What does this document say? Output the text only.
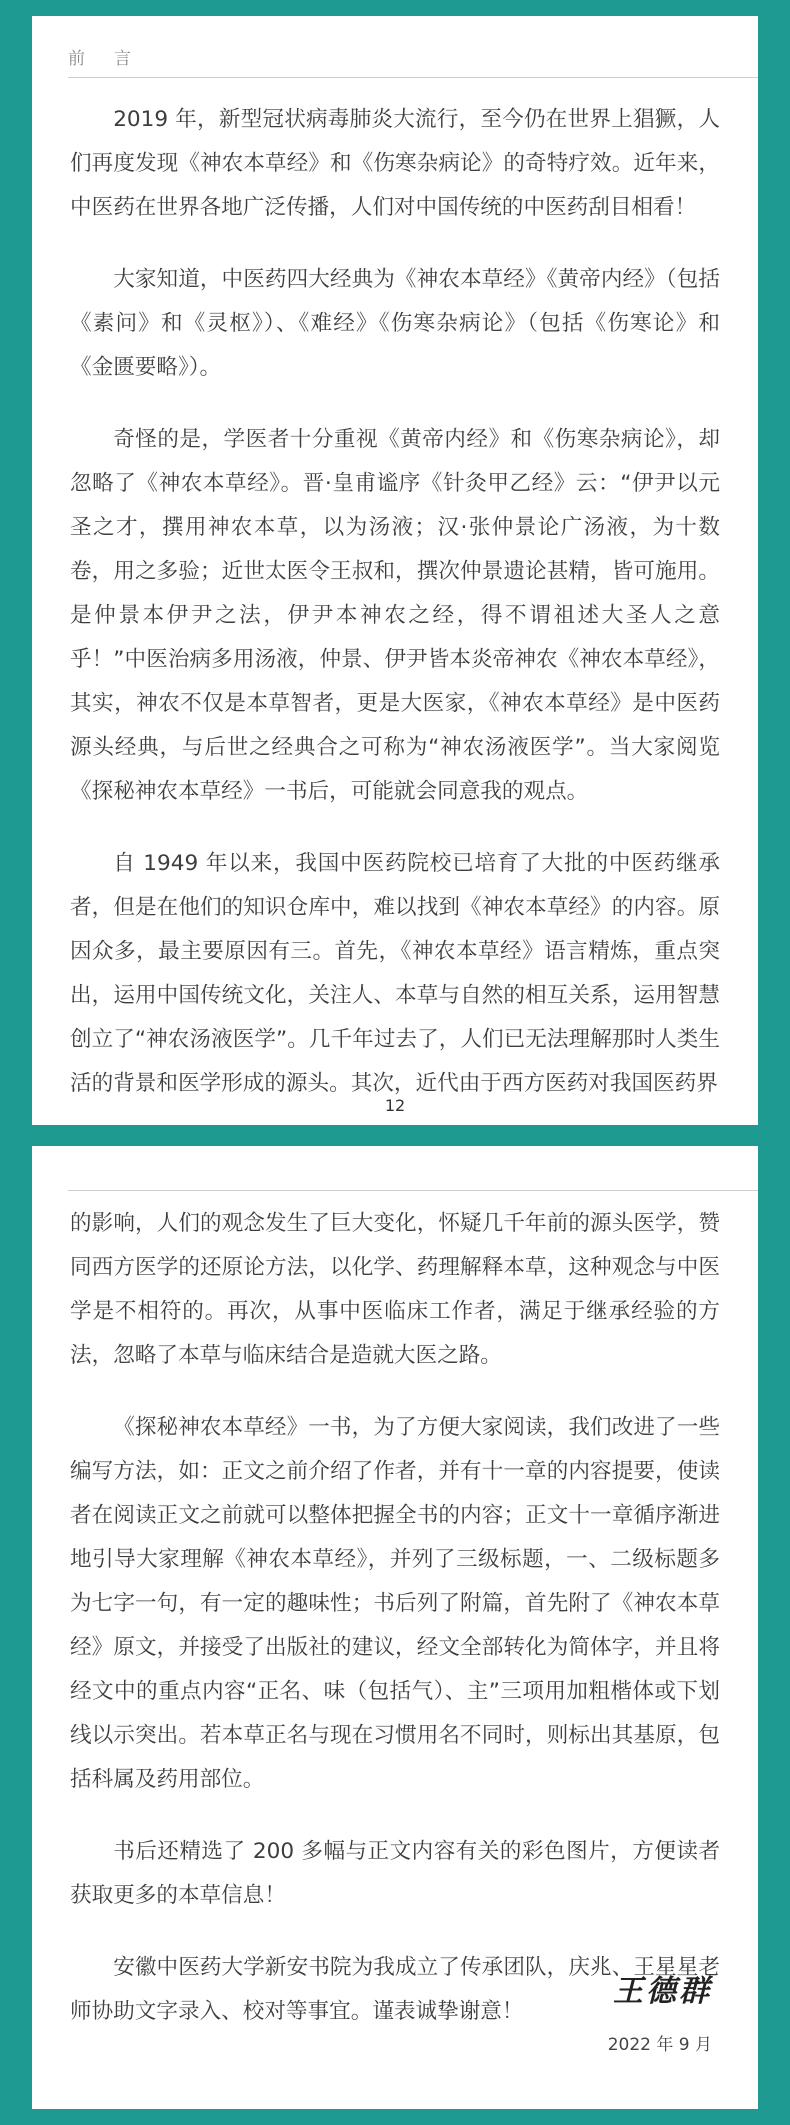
前　言

2019 年，新型冠状病毒肺炎大流行，至今仍在世界上猖獗，人们再度发现《神农本草经》和《伤寒杂病论》的奇特疗效。近年来，中医药在世界各地广泛传播，人们对中国传统的中医药刮目相看！

大家知道，中医药四大经典为《神农本草经》《黄帝内经》（包括《素问》和《灵枢》）、《难经》《伤寒杂病论》（包括《伤寒论》和《金匮要略》）。

奇怪的是，学医者十分重视《黄帝内经》和《伤寒杂病论》，却忽略了《神农本草经》。晋·皇甫谧序《针灸甲乙经》云：“伊尹以元圣之才，撰用神农本草，以为汤液；汉·张仲景论广汤液，为十数卷，用之多验；近世太医令王叔和，撰次仲景遗论甚精，皆可施用。是仲景本伊尹之法，伊尹本神农之经，得不谓祖述大圣人之意乎！”中医治病多用汤液，仲景、伊尹皆本炎帝神农《神农本草经》，其实，神农不仅是本草智者，更是大医家，《神农本草经》是中医药源头经典，与后世之经典合之可称为“神农汤液医学”。当大家阅览《探秘神农本草经》一书后，可能就会同意我的观点。

自 1949 年以来，我国中医药院校已培育了大批的中医药继承者，但是在他们的知识仓库中，难以找到《神农本草经》的内容。原因众多，最主要原因有三。首先，《神农本草经》语言精炼，重点突出，运用中国传统文化，关注人、本草与自然的相互关系，运用智慧创立了“神农汤液医学”。几千年过去了，人们已无法理解那时人类生活的背景和医学形成的源头。其次，近代由于西方医药对我国医药界

12

的影响，人们的观念发生了巨大变化，怀疑几千年前的源头医学，赞同西方医学的还原论方法，以化学、药理解释本草，这种观念与中医学是不相符的。再次，从事中医临床工作者，满足于继承经验的方法，忽略了本草与临床结合是造就大医之路。

《探秘神农本草经》一书，为了方便大家阅读，我们改进了一些编写方法，如：正文之前介绍了作者，并有十一章的内容提要，使读者在阅读正文之前就可以整体把握全书的内容；正文十一章循序渐进地引导大家理解《神农本草经》，并列了三级标题，一、二级标题多为七字一句，有一定的趣味性；书后列了附篇，首先附了《神农本草经》原文，并接受了出版社的建议，经文全部转化为简体字，并且将经文中的重点内容“正名、味（包括气）、主”三项用加粗楷体或下划线以示突出。若本草正名与现在习惯用名不同时，则标出其基原，包括科属及药用部位。

书后还精选了 200 多幅与正文内容有关的彩色图片，方便读者获取更多的本草信息！

安徽中医药大学新安书院为我成立了传承团队，庆兆、王星星老师协助文字录入、校对等事宜。谨表诚挚谢意！

王德群
2022 年 9 月
